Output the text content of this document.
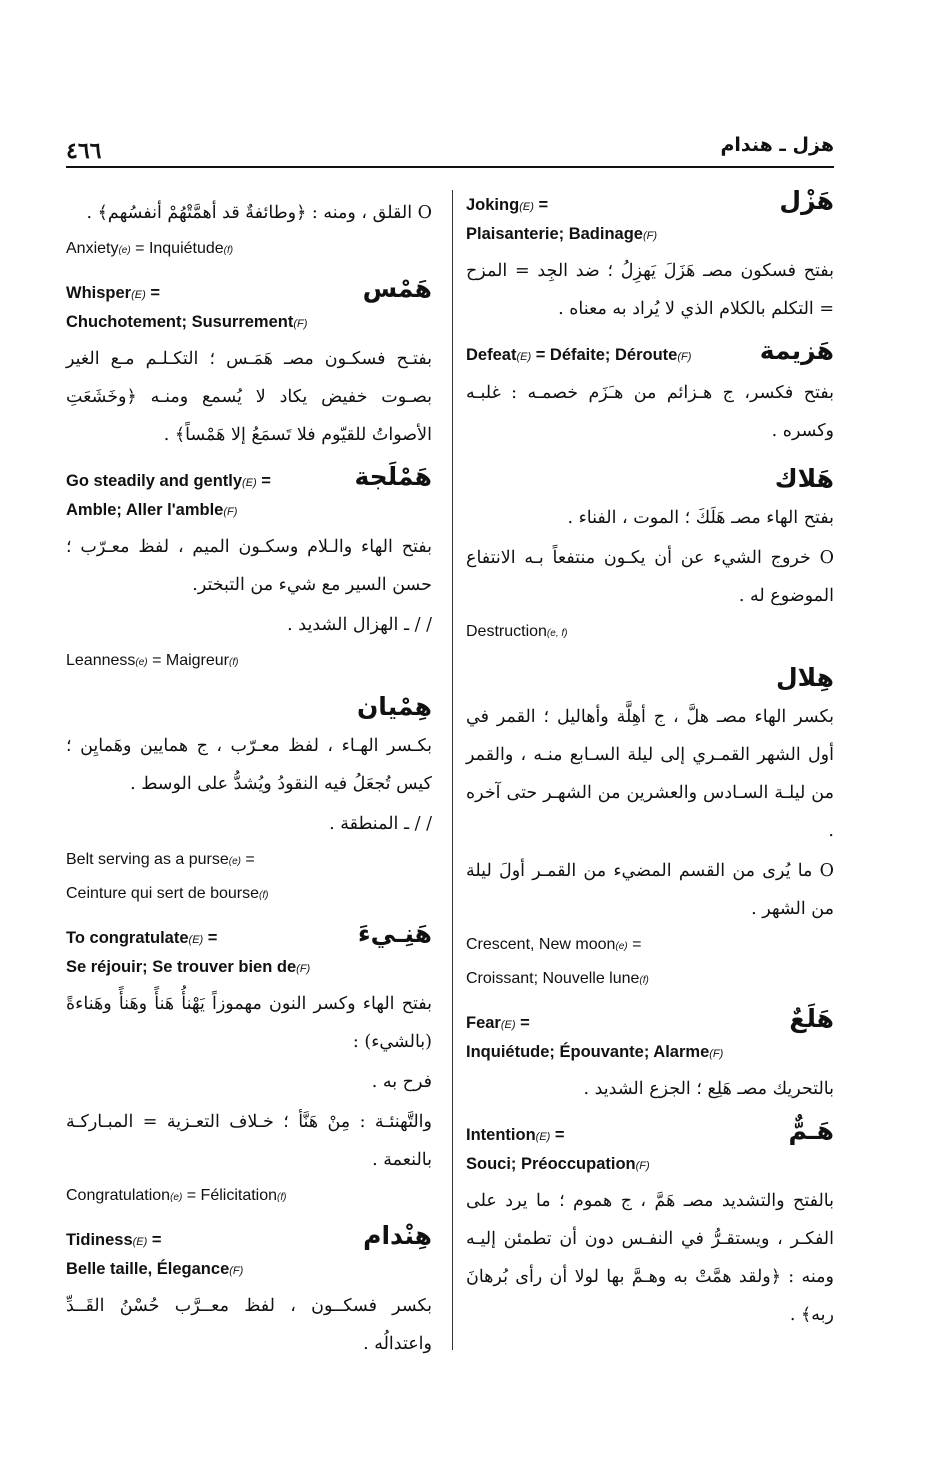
٤٦٦	هزل ـ هندام
هَزْل
Joking(E) =
Plaisanterie; Badinage(F)
بفتح فسكون مصـ هَزَلَ يَهزِلُ ؛ ضد الجِد = المزح = التكلم بالكلام الذي لا يُراد به معناه .
هَزيمة
Defeat(E) = Défaite; Déroute(F)
بفتح فكسر، ج هـزائم من هـَزَم خصمـه : غلبـه وكسره .
هَلاك
بفتح الهاء مصـ هَلَكَ ؛ الموت ، الفناء .
O خروج الشيء عن أن يكـون منتفعاً بـه الانتفاع الموضوع له .
Destruction(e, f)
هِلال
بكسر الهاء مصـ هلَّ ، ج أهِلَّة وأهاليل ؛ القمر في أول الشهر القمـري إلى ليلة السـابع منـه ، والقمر من ليلـة السـادس والعشرين من الشهـر حتى آخره .
O ما يُرى من القسم المضيء من القمـر أولَ ليلة من الشهر .
Crescent, New moon(e) =
Croissant; Nouvelle lune(f)
هَلَعٌ
Fear(E) =
Inquiétude; Épouvante; Alarme(F)
بالتحريك مصـ هَلِع ؛ الجزع الشديد .
هَـمٌّ
Intention(E) =
Souci; Préoccupation(F)
بالفتح والتشديد مصـ هَمَّ ، ج هموم ؛ ما يرد على الفكـر ، ويستقـرُّ في النفـس دون أن تطمئن إليـه ومنه : ﴿ولقد همَّتْ به وهـمَّ بها لولا أن رأى بُرهانَ ربه﴾ .
O القلق ، ومنه : ﴿وطائفةٌ قد أهمَّتْهُمْ أنفسُهم﴾ .
Anxiety(e) = Inquiétude(f)
هَمْس
Whisper(E) =
Chuchotement; Susurrement(F)
بفتـح فسكـون مصـ هَمَـس ؛ التكـلـم مـع الغير بصـوت خفيض يكاد لا يُسمع ومنـه ﴿وخَشَعَتِ الأصواتُ للقيّوم فلا تَسمَعُ إلا هَمْساً﴾ .
هَمْلَجة
Go steadily and gently(E) =
Amble; Aller l'amble(F)
بفتح الهاء والـلام وسكـون الميم ، لفظ معـرّب ؛ حسن السير مع شيء من التبختر.
/ / ـ الهزال الشديد .
Leanness(e) = Maigreur(f)
هِمْيان
بكـسر الهـاء ، لفظ معـرّب ، ج همايين وهَمايِن ؛ كيس تُجعَلُ فيه النقودُ ويُشدُّ على الوسط .
/ / ـ المنطقة .
Belt serving as a purse(e) =
Ceinture qui sert de bourse(f)
هَنِـيءَ
To congratulate(E) =
Se réjouir; Se trouver bien de(F)
بفتح الهاء وكسر النون مهموزاً يَهْنأُ هَنأً وهَنأً وهَناءةً (بالشيء) :
فرح به .
والتَّهنئـة : مِنْ هَنَّأ ؛ خـلاف التعـزية = المبـاركـة بالنعمة .
Congratulation(e) = Félicitation(f)
هِنْدام
Tidiness(E) =
Belle taille, Élegance(F)
بكسر فسكــون ، لفظ معــرَّب حُسْنُ القَــدِّ واعتدالُه .
